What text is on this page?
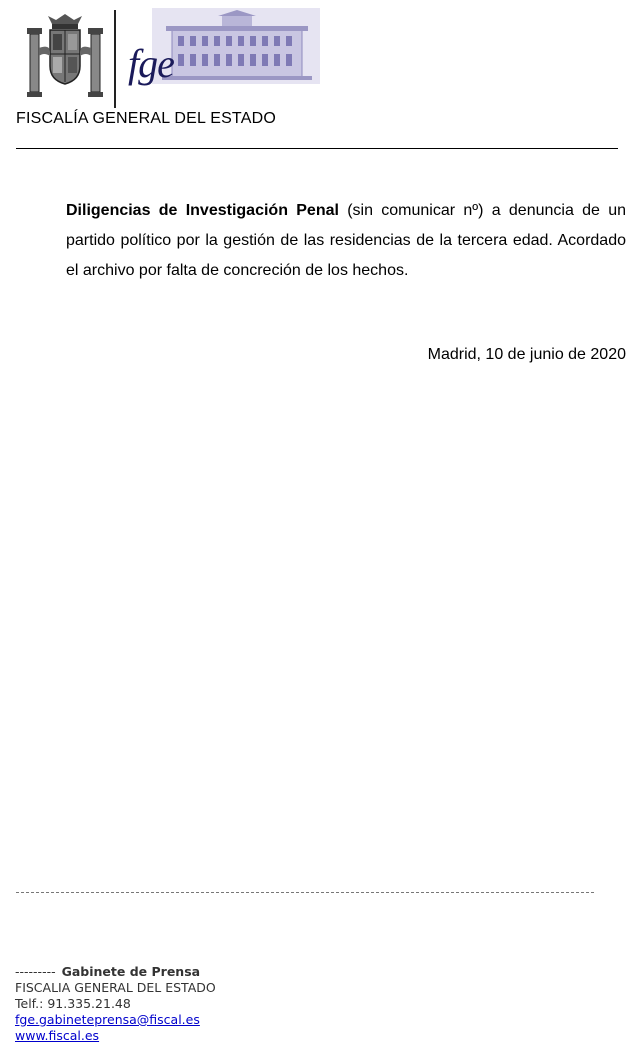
fge
FISCALÍA GENERAL DEL ESTADO
Diligencias de Investigación Penal (sin comunicar nº) a denuncia de un partido político por la gestión de las residencias de la tercera edad. Acordado el archivo por falta de concreción de los hechos.
Madrid, 10 de junio de 2020
--------- Gabinete de Prensa
FISCALIA GENERAL DEL ESTADO
Telf.: 91.335.21.48
fge.gabineteprensa@fiscal.es
www.fiscal.es
